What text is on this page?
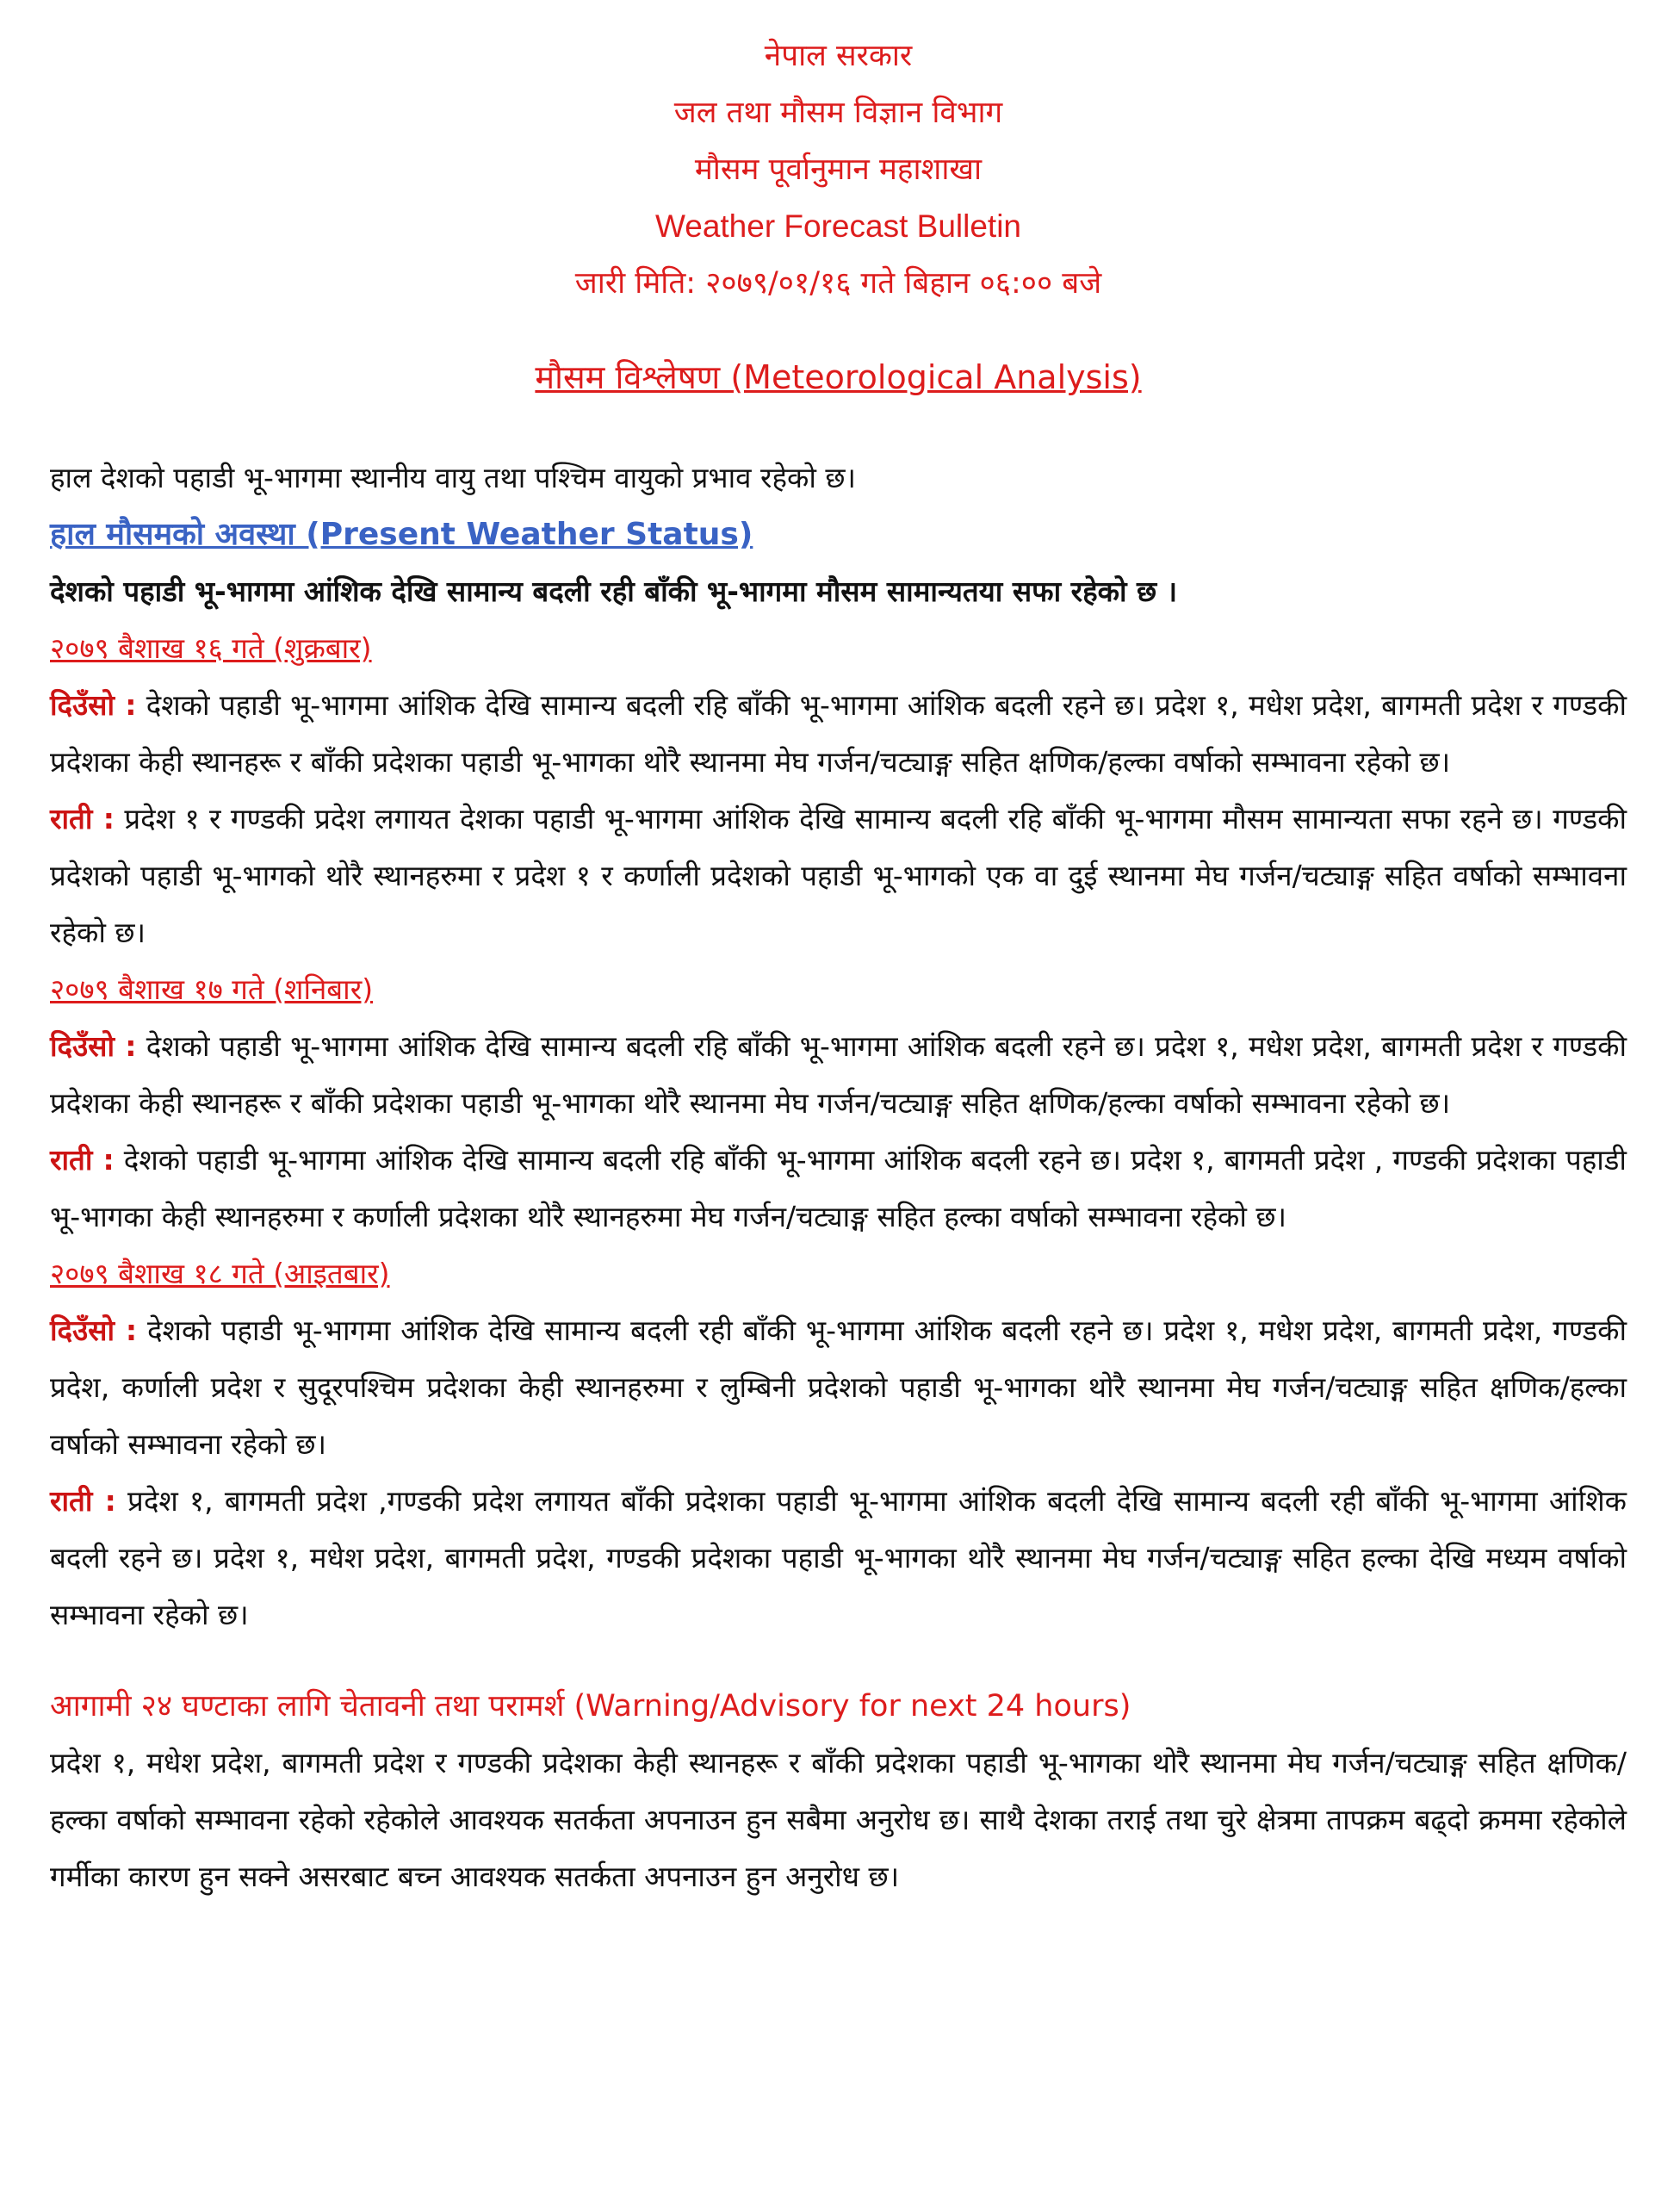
नेपाल सरकार
जल तथा मौसम विज्ञान विभाग
मौसम पूर्वानुमान महाशाखा
Weather Forecast Bulletin
जारी मिति: २०७९/०१/१६ गते बिहान ०६:०० बजे
मौसम विश्लेषण (Meteorological Analysis)

हाल देशको पहाडी भू-भागमा स्थानीय वायु तथा पश्चिम वायुको प्रभाव रहेको छ।

हाल मौसमको अवस्था (Present Weather Status)

देशको पहाडी भू-भागमा आंशिक देखि सामान्य बदली रही बाँकी भू-भागमा मौसम सामान्यतया सफा रहेको छ ।

२०७९ बैशाख १६ गते (शुक्रबार)

दिउँसो : देशको पहाडी भू-भागमा आंशिक देखि सामान्य बदली रहि बाँकी भू-भागमा आंशिक बदली रहने छ। प्रदेश १, मधेश प्रदेश, बागमती प्रदेश र गण्डकी प्रदेशका केही स्थानहरू र बाँकी प्रदेशका पहाडी भू-भागका थोरै स्थानमा मेघ गर्जन/चट्याङ्ग सहित क्षणिक/हल्का वर्षाको सम्भावना रहेको छ।

राती : प्रदेश १ र गण्डकी प्रदेश लगायत देशका पहाडी भू-भागमा आंशिक देखि सामान्य बदली रहि बाँकी भू-भागमा मौसम सामान्यता सफा रहने छ। गण्डकी प्रदेशको पहाडी भू-भागको थोरै स्थानहरुमा र प्रदेश १ र कर्णाली प्रदेशको पहाडी भू-भागको एक वा दुई स्थानमा मेघ गर्जन/चट्याङ्ग सहित वर्षाको सम्भावना रहेको छ।

२०७९ बैशाख १७ गते (शनिबार)

दिउँसो : देशको पहाडी भू-भागमा आंशिक देखि सामान्य बदली रहि बाँकी भू-भागमा आंशिक बदली रहने छ। प्रदेश १, मधेश प्रदेश, बागमती प्रदेश र गण्डकी प्रदेशका केही स्थानहरू र बाँकी प्रदेशका पहाडी भू-भागका थोरै स्थानमा मेघ गर्जन/चट्याङ्ग सहित क्षणिक/हल्का वर्षाको सम्भावना रहेको छ।

राती : देशको पहाडी भू-भागमा आंशिक देखि सामान्य बदली रहि बाँकी भू-भागमा आंशिक बदली रहने छ। प्रदेश १, बागमती प्रदेश , गण्डकी प्रदेशका पहाडी भू-भागका केही स्थानहरुमा र कर्णाली प्रदेशका थोरै स्थानहरुमा मेघ गर्जन/चट्याङ्ग सहित हल्का वर्षाको सम्भावना रहेको छ।

२०७९ बैशाख १८ गते (आइतबार)

दिउँसो : देशको पहाडी भू-भागमा आंशिक देखि सामान्य बदली रही बाँकी भू-भागमा आंशिक बदली रहने छ। प्रदेश १, मधेश प्रदेश, बागमती प्रदेश, गण्डकी प्रदेश, कर्णाली प्रदेश र सुदूरपश्चिम प्रदेशका केही स्थानहरुमा र लुम्बिनी प्रदेशको पहाडी भू-भागका थोरै स्थानमा मेघ गर्जन/चट्याङ्ग सहित क्षणिक/हल्का वर्षाको सम्भावना रहेको छ।

राती : प्रदेश १, बागमती प्रदेश ,गण्डकी प्रदेश लगायत बाँकी प्रदेशका पहाडी भू-भागमा आंशिक बदली देखि सामान्य बदली रही बाँकी भू-भागमा आंशिक बदली रहने छ। प्रदेश १, मधेश प्रदेश, बागमती प्रदेश, गण्डकी प्रदेशका पहाडी भू-भागका थोरै स्थानमा मेघ गर्जन/चट्याङ्ग सहित हल्का देखि मध्यम वर्षाको सम्भावना रहेको छ।

आगामी २४ घण्टाका लागि चेतावनी तथा परामर्श (Warning/Advisory for next 24 hours)

प्रदेश १, मधेश प्रदेश, बागमती प्रदेश र गण्डकी प्रदेशका केही स्थानहरू र बाँकी प्रदेशका पहाडी भू-भागका थोरै स्थानमा मेघ गर्जन/चट्याङ्ग सहित क्षणिक/हल्का वर्षाको सम्भावना रहेको रहेकोले आवश्यक सतर्कता अपनाउन हुन सबैमा अनुरोध छ। साथै देशका तराई तथा चुरे क्षेत्रमा तापक्रम बढ्दो क्रममा रहेकोले गर्मीका कारण हुन सक्ने असरबाट बच्न आवश्यक सतर्कता अपनाउन हुन अनुरोध छ।
